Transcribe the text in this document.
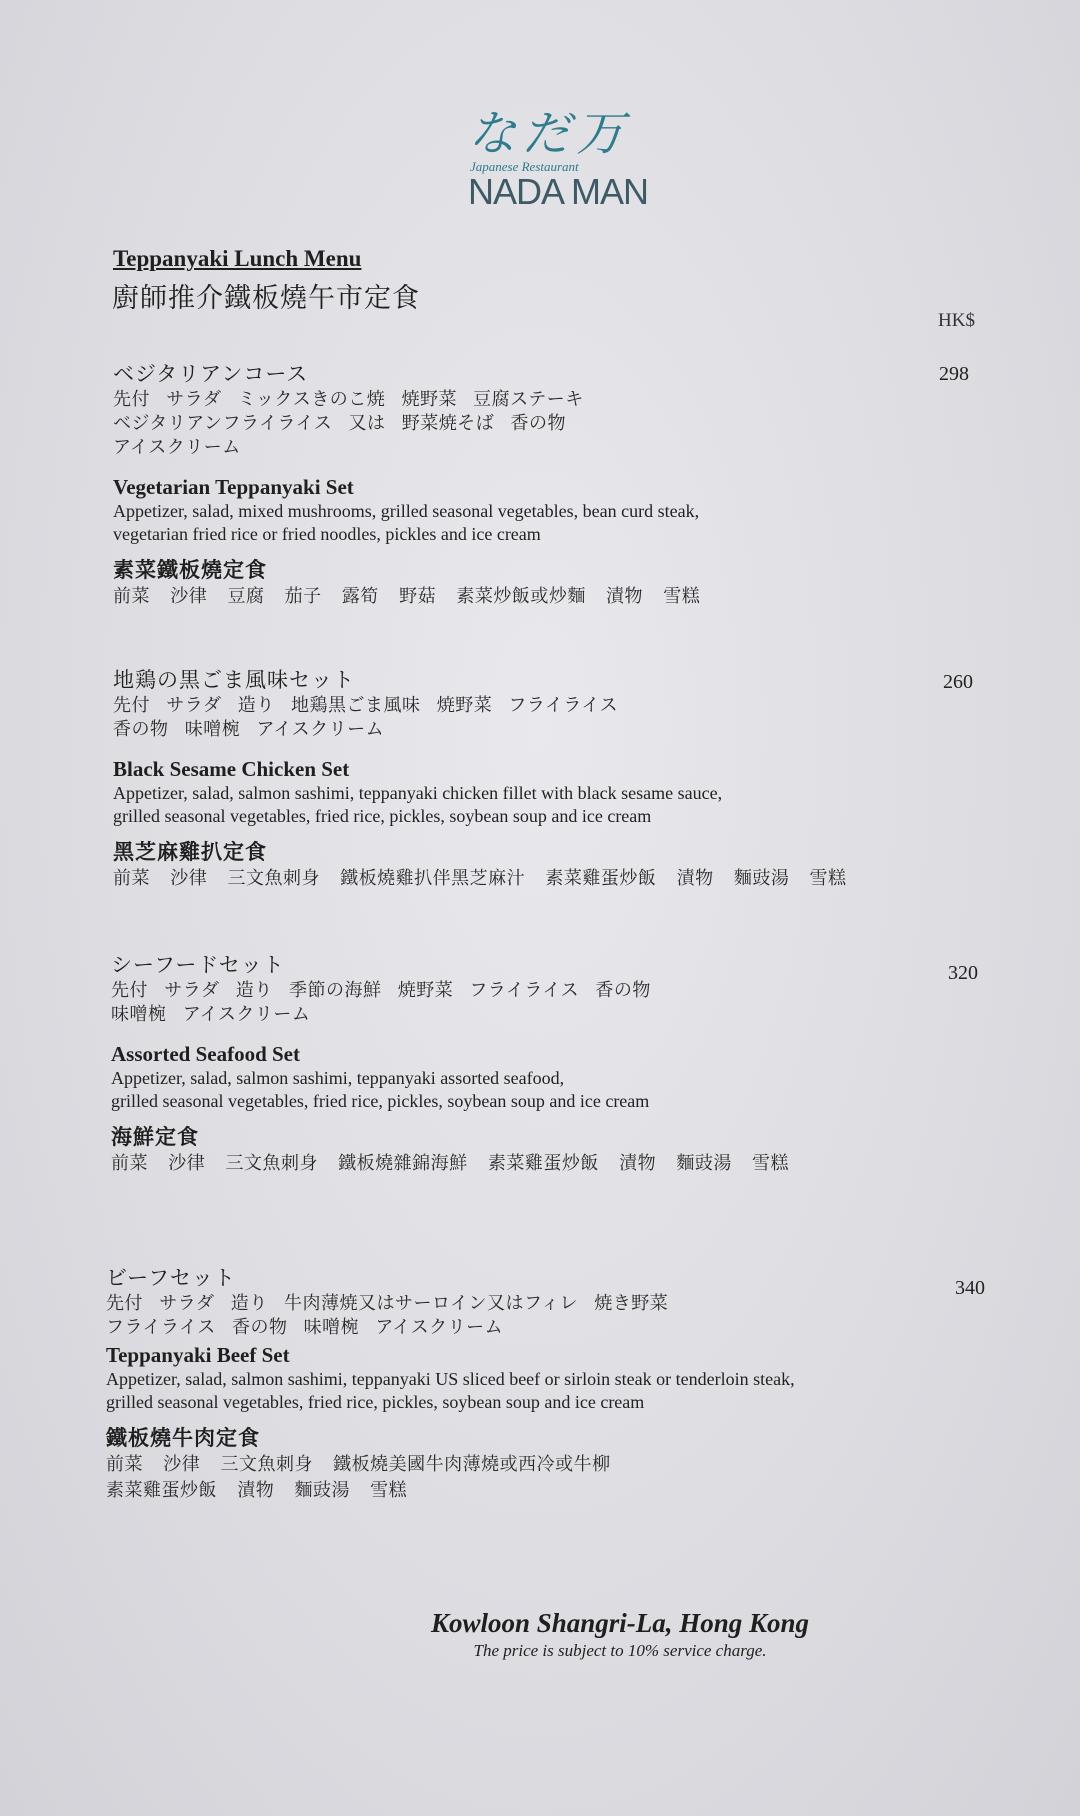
なだ万
Japanese Restaurant
NADA MAN
Teppanyaki Lunch Menu
廚師推介鐵板燒午市定食
HK$
ベジタリアンコース
先付 サラダ ミックスきのこ焼 焼野菜 豆腐ステーキ
ベジタリアンフライライス 又は 野菜焼そば 香の物
アイスクリーム
Vegetarian Teppanyaki Set
Appetizer, salad, mixed mushrooms, grilled seasonal vegetables, bean curd steak,
vegetarian fried rice or fried noodles, pickles and ice cream
素菜鐵板燒定食
前菜 沙律 豆腐 茄子 露筍 野菇 素菜炒飯或炒麵 漬物 雪糕
298
地鶏の黒ごま風味セット
先付 サラダ 造り 地鶏黒ごま風味 焼野菜 フライライス
香の物 味噌椀 アイスクリーム
Black Sesame Chicken Set
Appetizer, salad, salmon sashimi, teppanyaki chicken fillet with black sesame sauce,
grilled seasonal vegetables, fried rice, pickles, soybean soup and ice cream
黑芝麻雞扒定食
前菜 沙律 三文魚刺身 鐵板燒雞扒伴黑芝麻汁 素菜雞蛋炒飯 漬物 麵豉湯 雪糕
260
シーフードセット
先付 サラダ 造り 季節の海鮮 焼野菜 フライライス 香の物
味噌椀 アイスクリーム
Assorted Seafood Set
Appetizer, salad, salmon sashimi, teppanyaki assorted seafood,
grilled seasonal vegetables, fried rice, pickles, soybean soup and ice cream
海鮮定食
前菜 沙律 三文魚刺身 鐵板燒雜錦海鮮 素菜雞蛋炒飯 漬物 麵豉湯 雪糕
320
ビーフセット
先付 サラダ 造り 牛肉薄焼又はサーロイン又はフィレ 焼き野菜
フライライス 香の物 味噌椀 アイスクリーム
Teppanyaki Beef Set
Appetizer, salad, salmon sashimi, teppanyaki US sliced beef or sirloin steak or tenderloin steak,
grilled seasonal vegetables, fried rice, pickles, soybean soup and ice cream
鐵板燒牛肉定食
前菜 沙律 三文魚刺身 鐵板燒美國牛肉薄燒或西冷或牛柳
素菜雞蛋炒飯 漬物 麵豉湯 雪糕
340
Kowloon Shangri-La, Hong Kong
The price is subject to 10% service charge.
